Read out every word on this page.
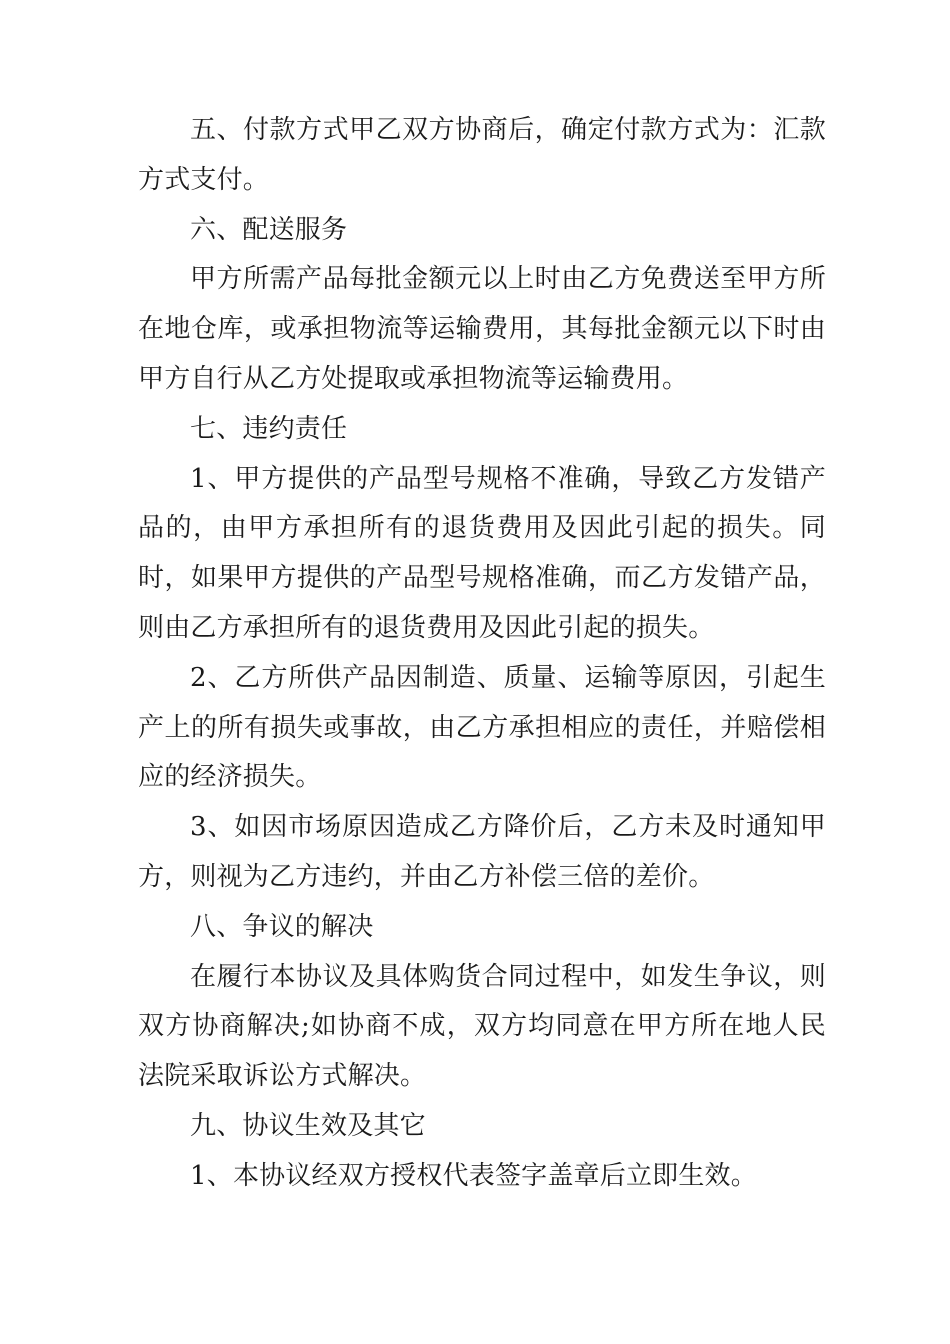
五、付款方式甲乙双方协商后，确定付款方式为：汇款方式支付。

六、配送服务

甲方所需产品每批金额元以上时由乙方免费送至甲方所在地仓库，或承担物流等运输费用，其每批金额元以下时由甲方自行从乙方处提取或承担物流等运输费用。

七、违约责任

1、甲方提供的产品型号规格不准确，导致乙方发错产品的，由甲方承担所有的退货费用及因此引起的损失。同时，如果甲方提供的产品型号规格准确，而乙方发错产品，则由乙方承担所有的退货费用及因此引起的损失。

2、乙方所供产品因制造、质量、运输等原因，引起生产上的所有损失或事故，由乙方承担相应的责任，并赔偿相应的经济损失。

3、如因市场原因造成乙方降价后，乙方未及时通知甲方，则视为乙方违约，并由乙方补偿三倍的差价。

八、争议的解决

在履行本协议及具体购货合同过程中，如发生争议，则双方协商解决;如协商不成，双方均同意在甲方所在地人民法院采取诉讼方式解决。

九、协议生效及其它

1、本协议经双方授权代表签字盖章后立即生效。
